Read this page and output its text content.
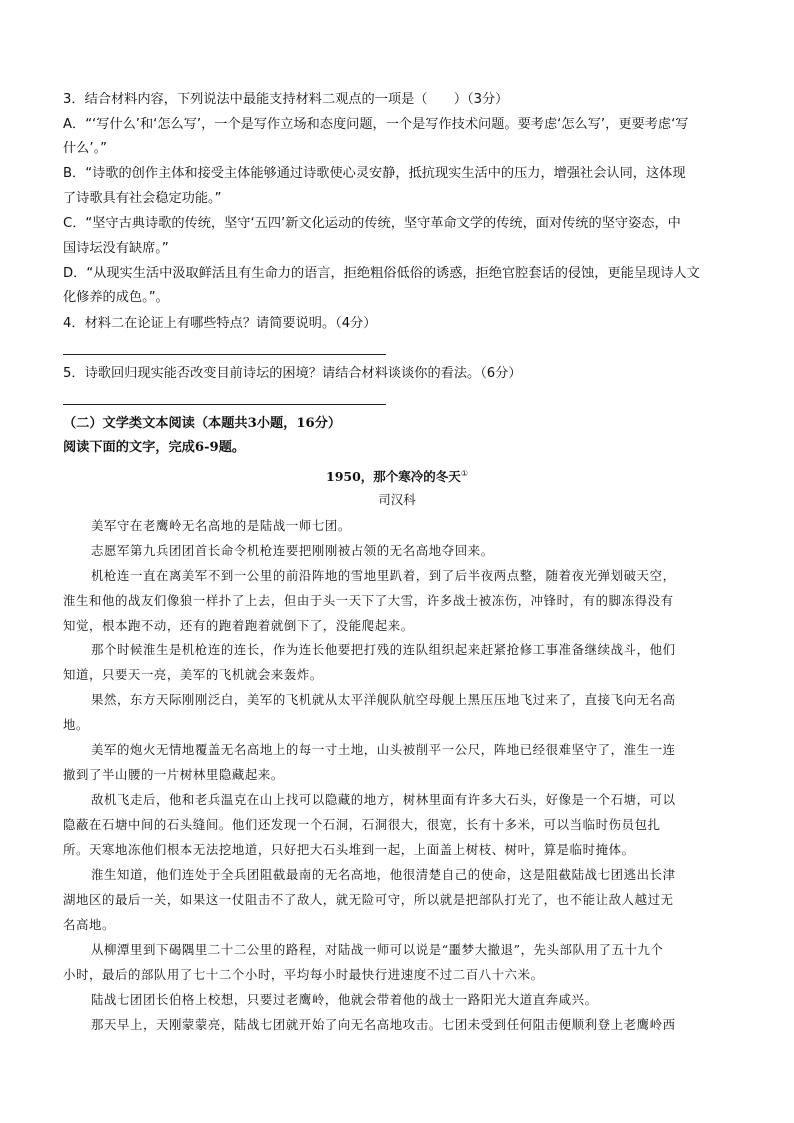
3．结合材料内容，下列说法中最能支持材料二观点的一项是（　　）（3分）
A．“‘写什么’和‘怎么写’，一个是写作立场和态度问题，一个是写作技术问题。要考虑‘怎么写’，更要考虑‘写
什么’。”
B．“诗歌的创作主体和接受主体能够通过诗歌使心灵安静，抵抗现实生活中的压力，增强社会认同，这体现
了诗歌具有社会稳定功能。”
C．“坚守古典诗歌的传统，坚守‘五四’新文化运动的传统，坚守革命文学的传统，面对传统的坚守姿态，中
国诗坛没有缺席。”
D．“从现实生活中汲取鲜活且有生命力的语言，拒绝粗俗低俗的诱惑，拒绝官腔套话的侵蚀，更能呈现诗人文
化修养的成色。”。
4．材料二在论证上有哪些特点？请简要说明。（4分）
5．诗歌回归现实能否改变目前诗坛的困境？请结合材料谈谈你的看法。（6分）
（二）文学类文本阅读（本题共3小题，16分）
阅读下面的文字，完成6-9题。
1950，那个寒冷的冬天①
司汉科
美军守在老鹰岭无名高地的是陆战一师七团。
志愿军第九兵团团首长命令机枪连要把刚刚被占领的无名高地夺回来。
机枪连一直在离美军不到一公里的前沿阵地的雪地里趴着，到了后半夜两点整，随着夜光弹划破天空，
淮生和他的战友们像狼一样扑了上去，但由于头一天下了大雪，许多战士被冻伤，冲锋时，有的脚冻得没有
知觉，根本跑不动，还有的跑着跑着就倒下了，没能爬起来。
那个时候淮生是机枪连的连长，作为连长他要把打残的连队组织起来赶紧抢修工事准备继续战斗，他们
知道，只要天一亮，美军的飞机就会来轰炸。
果然，东方天际刚刚泛白，美军的飞机就从太平洋舰队航空母舰上黑压压地飞过来了，直接飞向无名高
地。
美军的炮火无情地覆盖无名高地上的每一寸土地，山头被削平一公尺，阵地已经很难坚守了，淮生一连
撤到了半山腰的一片树林里隐藏起来。
敌机飞走后，他和老兵温克在山上找可以隐藏的地方，树林里面有许多大石头，好像是一个石塘，可以
隐蔽在石塘中间的石头缝间。他们还发现一个石洞，石洞很大，很宽，长有十多米，可以当临时伤员包扎
所。天寒地冻他们根本无法挖地道，只好把大石头堆到一起，上面盖上树枝、树叶，算是临时掩体。
淮生知道，他们连处于全兵团阻截最南的无名高地，他很清楚自己的使命，这是阻截陆战七团逃出长津
湖地区的最后一关，如果这一仗阻击不了敌人，就无险可守，所以就是把部队打光了，也不能让敌人越过无
名高地。
从柳潭里到下碣隅里二十二公里的路程，对陆战一师可以说是“噩梦大撤退”，先头部队用了五十九个
小时，最后的部队用了七十二个小时，平均每小时最快行进速度不过二百八十六米。
陆战七团团长伯格上校想，只要过老鹰岭，他就会带着他的战士一路阳光大道直奔咸兴。
那天早上，天刚蒙蒙亮，陆战七团就开始了向无名高地攻击。七团未受到任何阻击便顺利登上老鹰岭西
